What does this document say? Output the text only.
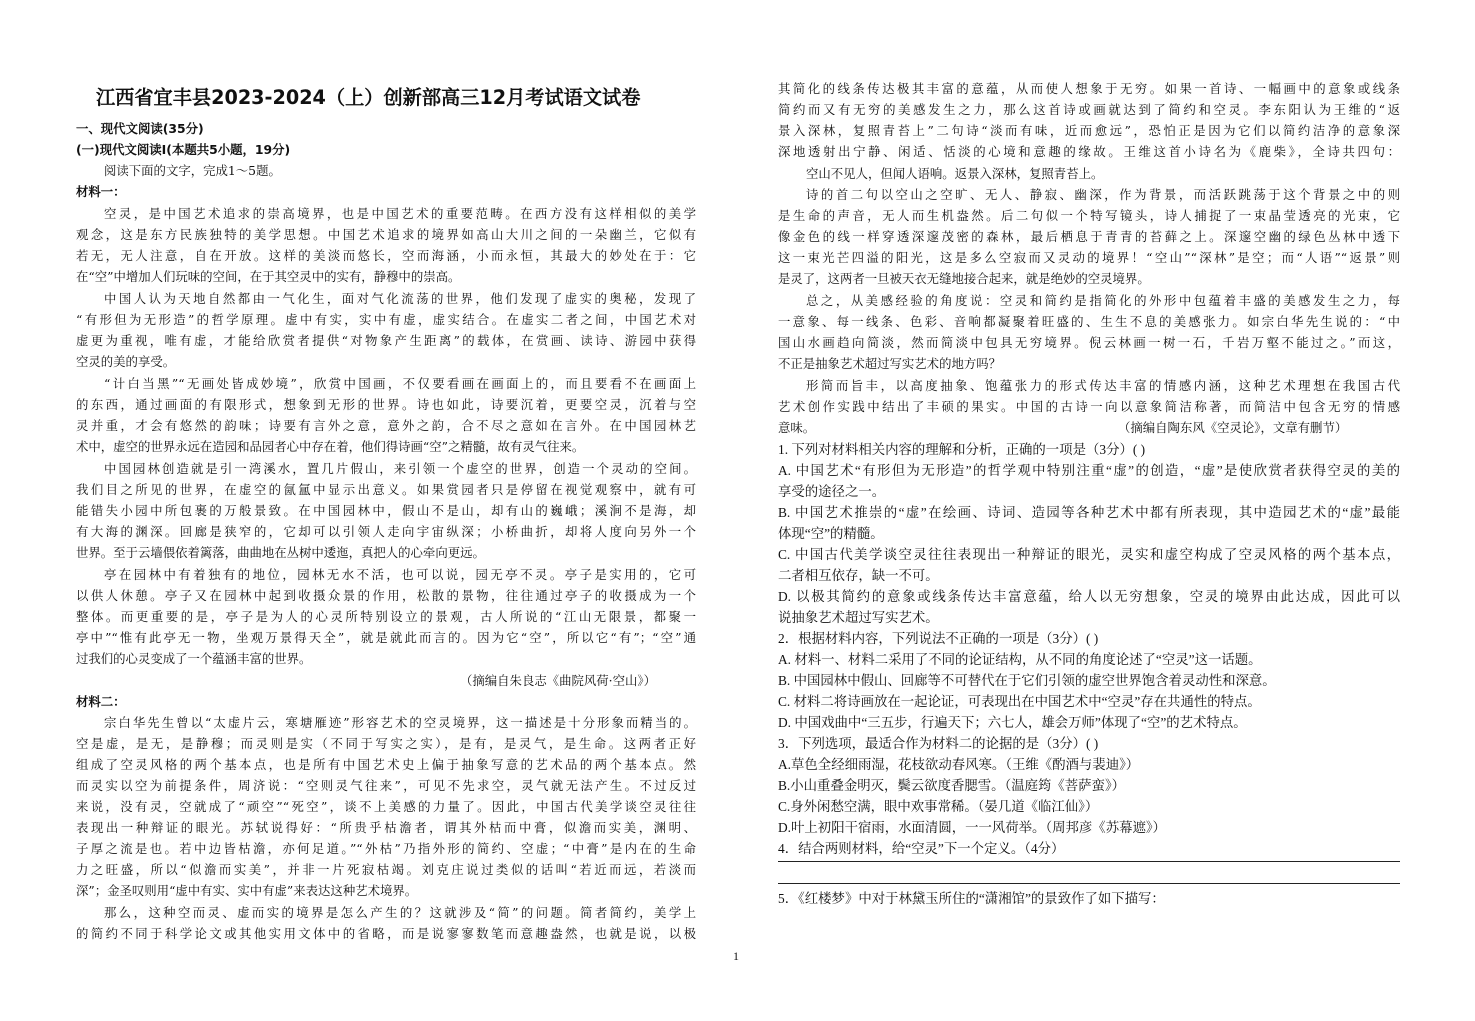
江西省宜丰县2023-2024（上）创新部高三12月考试语文试卷
一、现代文阅读(35分)
(一)现代文阅读Ⅰ(本题共5小题，19分)
阅读下面的文字，完成1～5题。
材料一：
空灵，是中国艺术追求的崇高境界，也是中国艺术的重要范畴。在西方没有这样相似的美学
观念，这是东方民族独特的美学思想。中国艺术追求的境界如高山大川之间的一朵幽兰，它似有
若无，无人注意，自在开放。这样的美淡而悠长，空而海涵，小而永恒，其最大的妙处在于：它
在“空”中增加人们玩味的空间，在于其空灵中的实有，静穆中的崇高。
中国人认为天地自然都由一气化生，面对气化流荡的世界，他们发现了虚实的奥秘，发现了
“有形但为无形造”的哲学原理。虚中有实，实中有虚，虚实结合。在虚实二者之间，中国艺术对
虚更为重视，唯有虚，才能给欣赏者提供“对物象产生距离”的载体，在赏画、读诗、游园中获得
空灵的美的享受。
“计白当黑”“无画处皆成妙境”，欣赏中国画，不仅要看画在画面上的，而且要看不在画面上
的东西，通过画面的有限形式，想象到无形的世界。诗也如此，诗要沉着，更要空灵，沉着与空
灵并重，才会有悠然的韵味；诗要有言外之意，意外之韵，合不尽之意如在言外。在中国园林艺
术中，虚空的世界永远在造园和品园者心中存在着，他们得诗画“空”之精髓，故有灵气往来。
中国园林创造就是引一湾溪水，置几片假山，来引领一个虚空的世界，创造一个灵动的空间。
我们目之所见的世界，在虚空的氤氲中显示出意义。如果赏园者只是停留在视觉观察中，就有可
能错失小园中所包裹的万般景致。在中国园林中，假山不是山，却有山的巍峨；溪涧不是海，却
有大海的渊深。回廊是狭窄的，它却可以引领人走向宇宙纵深；小桥曲折，却将人度向另外一个
世界。至于云墙偎依着篱落，曲曲地在丛树中逶迤，真把人的心牵向更远。
亭在园林中有着独有的地位，园林无水不活，也可以说，园无亭不灵。亭子是实用的，它可
以供人休憩。亭子又在园林中起到收摄众景的作用，松散的景物，往往通过亭子的收摄成为一个
整体。而更重要的是，亭子是为人的心灵所特别设立的景观，古人所说的“江山无限景，都聚一
亭中”“惟有此亭无一物，坐观万景得天全”，就是就此而言的。因为它“空”，所以它“有”；“空”通
过我们的心灵变成了一个蕴涵丰富的世界。
（摘编自朱良志《曲院风荷·空山》）
材料二：
宗白华先生曾以“太虚片云，寒塘雁迹”形容艺术的空灵境界，这一描述是十分形象而精当的。
空是虚，是无，是静穆；而灵则是实（不同于写实之实），是有，是灵气，是生命。这两者正好
组成了空灵风格的两个基本点，也是所有中国艺术史上偏于抽象写意的艺术品的两个基本点。然
而灵实以空为前提条件，周济说：“空则灵气往来”，可见不先求空，灵气就无法产生。不过反过
来说，没有灵，空就成了“顽空”“死空”，谈不上美感的力量了。因此，中国古代美学谈空灵往往
表现出一种辩证的眼光。苏轼说得好：“所贵乎枯澹者，谓其外枯而中膏，似澹而实美，渊明、
子厚之流是也。若中边皆枯澹，亦何足道。”“外枯”乃指外形的简约、空虚；“中膏”是内在的生命
力之旺盛，所以“似澹而实美”，并非一片死寂枯竭。刘克庄说过类似的话叫“若近而远，若淡而
深”；金圣叹则用“虚中有实、实中有虚”来表达这种艺术境界。
那么，这种空而灵、虚而实的境界是怎么产生的？这就涉及“简”的问题。简者简约，美学上
的简约不同于科学论文或其他实用文体中的省略，而是说寥寥数笔而意趣盎然，也就是说，以极
其简化的线条传达极其丰富的意蕴，从而使人想象于无穷。如果一首诗、一幅画中的意象或线条
简约而又有无穷的美感发生之力，那么这首诗或画就达到了简约和空灵。李东阳认为王维的“返
景入深林，复照青苔上”二句诗“淡而有味，近而愈远”，恐怕正是因为它们以简约洁净的意象深
深地透射出宁静、闲适、恬淡的心境和意趣的缘故。王维这首小诗名为《鹿柴》，全诗共四句：
空山不见人，但闻人语响。返景入深林，复照青苔上。
诗的首二句以空山之空旷、无人、静寂、幽深，作为背景，而活跃跳荡于这个背景之中的则
是生命的声音，无人而生机盎然。后二句似一个特写镜头，诗人捕捉了一束晶莹透亮的光束，它
像金色的线一样穿透深邃茂密的森林，最后栖息于青青的苔藓之上。深邃空幽的绿色丛林中透下
这一束光芒四溢的阳光，这是多么空寂而又灵动的境界！“空山”“深林”是空；而“人语”“返景”则
是灵了，这两者一旦被天衣无缝地接合起来，就是绝妙的空灵境界。
总之，从美感经验的角度说：空灵和简约是指简化的外形中包蕴着丰盛的美感发生之力，每
一意象、每一线条、色彩、音响都凝聚着旺盛的、生生不息的美感张力。如宗白华先生说的：“中
国山水画趋向简淡，然而简淡中包具无穷境界。倪云林画一树一石，千岩万壑不能过之。”而这，
不正是抽象艺术超过写实艺术的地方吗？
形简而旨丰，以高度抽象、饱蕴张力的形式传达丰富的情感内涵，这种艺术理想在我国古代
艺术创作实践中结出了丰硕的果实。中国的古诗一向以意象简洁称著，而简洁中包含无穷的情感
意味。	（摘编自陶东风《空灵论》，文章有删节）
1. 下列对材料相关内容的理解和分析，正确的一项是（3分）( )
A. 中国艺术“有形但为无形造”的哲学观中特别注重“虚”的创造，“虚”是使欣赏者获得空灵的美的
享受的途径之一。
B. 中国艺术推崇的“虚”在绘画、诗词、造园等各种艺术中都有所表现，其中造园艺术的“虚”最能
体现“空”的精髓。
C. 中国古代美学谈空灵往往表现出一种辩证的眼光，灵实和虚空构成了空灵风格的两个基本点，
二者相互依存，缺一不可。
D. 以极其简约的意象或线条传达丰富意蕴，给人以无穷想象，空灵的境界由此达成，因此可以
说抽象艺术超过写实艺术。
2．根据材料内容，下列说法不正确的一项是（3分）( )
A. 材料一、材料二采用了不同的论证结构，从不同的角度论述了“空灵”这一话题。
B. 中国园林中假山、回廊等不可替代在于它们引领的虚空世界饱含着灵动性和深意。
C. 材料二将诗画放在一起论证，可表现出在中国艺术中“空灵”存在共通性的特点。
D. 中国戏曲中“三五步，行遍天下；六七人，雄会万师”体现了“空”的艺术特点。
3．下列选项，最适合作为材料二的论据的是（3分）( )
A.草色全经细雨湿，花枝欲动春风寒。（王维《酌酒与裴迪》）
B.小山重叠金明灭，鬓云欲度香腮雪。（温庭筠《菩萨蛮》）
C.身外闲愁空满，眼中欢事常稀。（晏几道《临江仙》）
D.叶上初阳干宿雨，水面清圆，一一风荷举。（周邦彦《苏幕遮》）
4．结合两则材料，给“空灵”下一个定义。（4分）
5．《红楼梦》中对于林黛玉所住的“潇湘馆”的景致作了如下描写：
1
